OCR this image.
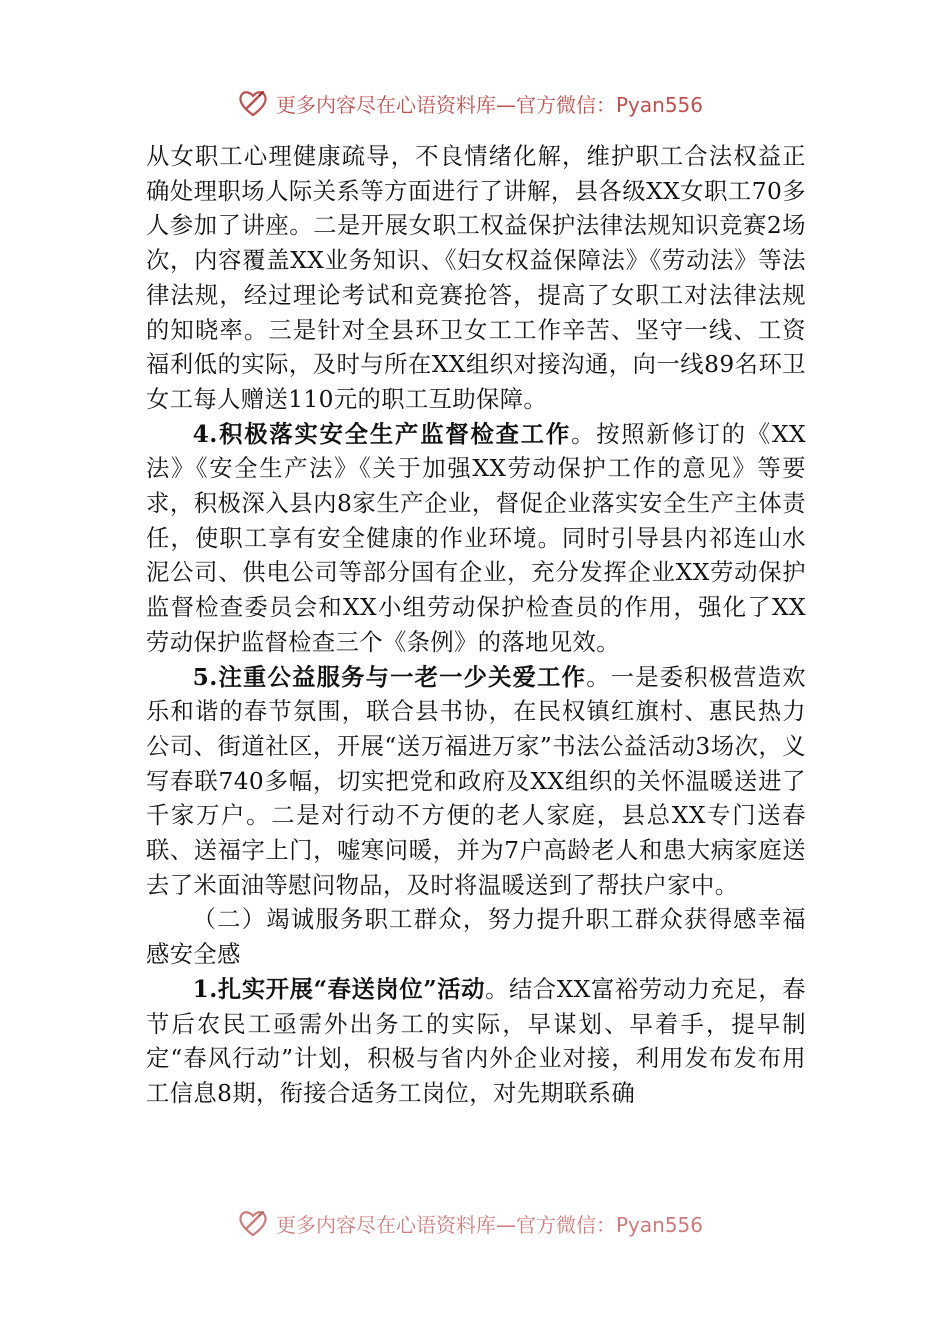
更多内容尽在心语资料库—官方微信：Pyan556

从女职工心理健康疏导，不良情绪化解，维护职工合法权益正确处理职场人际关系等方面进行了讲解，县各级XX女职工70多人参加了讲座。二是开展女职工权益保护法律法规知识竞赛2场次，内容覆盖XX业务知识、《妇女权益保障法》《劳动法》等法律法规，经过理论考试和竞赛抢答，提高了女职工对法律法规的知晓率。三是针对全县环卫女工工作辛苦、坚守一线、工资福利低的实际，及时与所在XX组织对接沟通，向一线89名环卫女工每人赠送110元的职工互助保障。

4.积极落实安全生产监督检查工作。按照新修订的《XX法》《安全生产法》《关于加强XX劳动保护工作的意见》等要求，积极深入县内8家生产企业，督促企业落实安全生产主体责任，使职工享有安全健康的作业环境。同时引导县内祁连山水泥公司、供电公司等部分国有企业，充分发挥企业XX劳动保护监督检查委员会和XX小组劳动保护检查员的作用，强化了XX劳动保护监督检查三个《条例》的落地见效。

5.注重公益服务与一老一少关爱工作。一是委积极营造欢乐和谐的春节氛围，联合县书协，在民权镇红旗村、惠民热力公司、街道社区，开展“送万福进万家”书法公益活动3场次，义写春联740多幅，切实把党和政府及XX组织的关怀温暖送进了千家万户。二是对行动不方便的老人家庭，县总XX专门送春联、送福字上门，嘘寒问暖，并为7户高龄老人和患大病家庭送去了米面油等慰问物品，及时将温暖送到了帮扶户家中。

（二）竭诚服务职工群众，努力提升职工群众获得感幸福感安全感

1.扎实开展“春送岗位”活动。结合XX富裕劳动力充足，春节后农民工亟需外出务工的实际，早谋划、早着手，提早制定“春风行动”计划，积极与省内外企业对接，利用发布发布用工信息8期，衔接合适务工岗位，对先期联系确

更多内容尽在心语资料库—官方微信：Pyan556
